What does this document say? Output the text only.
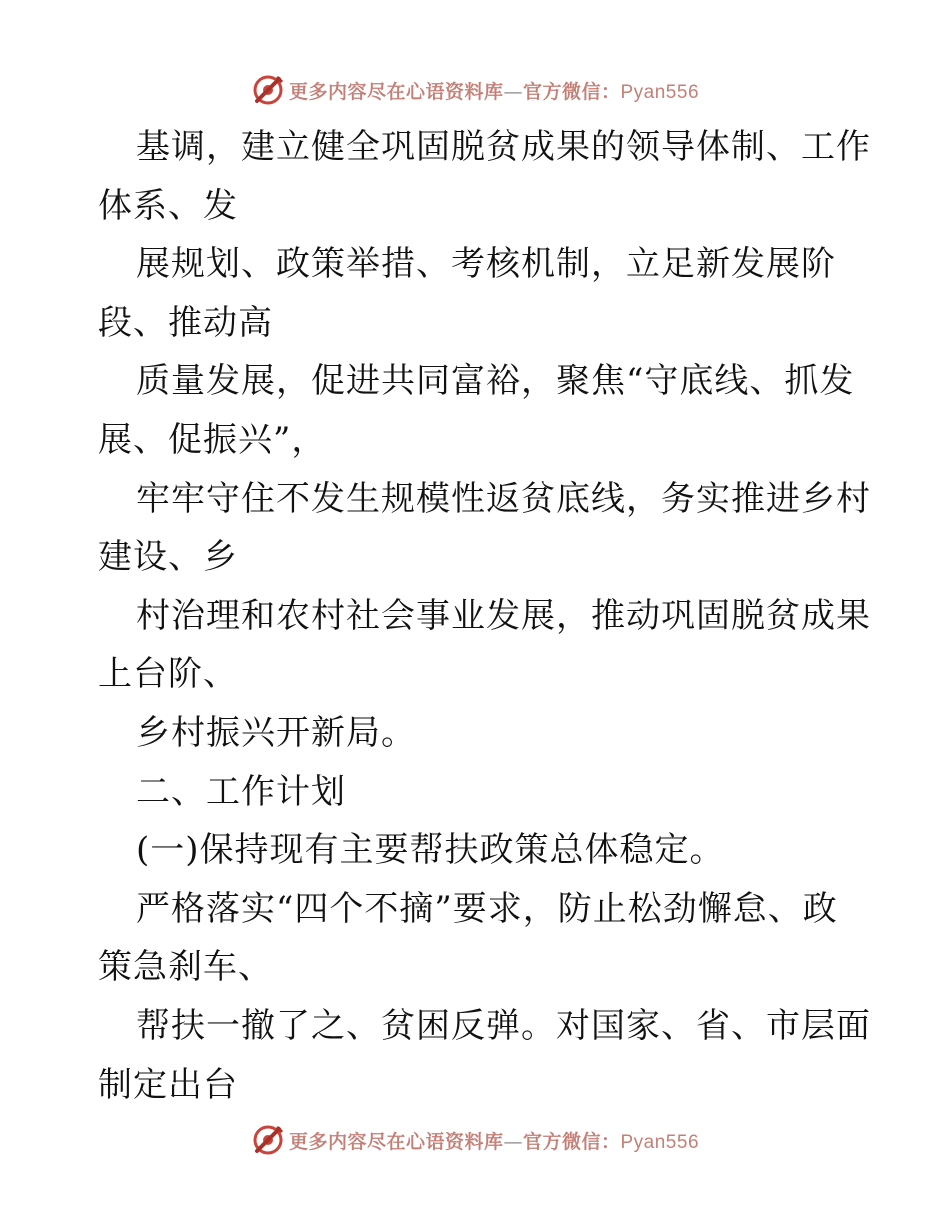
更多内容尽在心语资料库—官方微信：Pyan556
基调，建立健全巩固脱贫成果的领导体制、工作
体系、发
展规划、政策举措、考核机制，立足新发展阶
段、推动高
质量发展，促进共同富裕，聚焦“守底线、抓发
展、促振兴”，
牢牢守住不发生规模性返贫底线，务实推进乡村
建设、乡
村治理和农村社会事业发展，推动巩固脱贫成果
上台阶、
乡村振兴开新局。
二、工作计划
(一)保持现有主要帮扶政策总体稳定。
严格落实“四个不摘”要求，防止松劲懈怠、政
策急刹车、
帮扶一撤了之、贫困反弹。对国家、省、市层面
制定出台
更多内容尽在心语资料库—官方微信：Pyan556
